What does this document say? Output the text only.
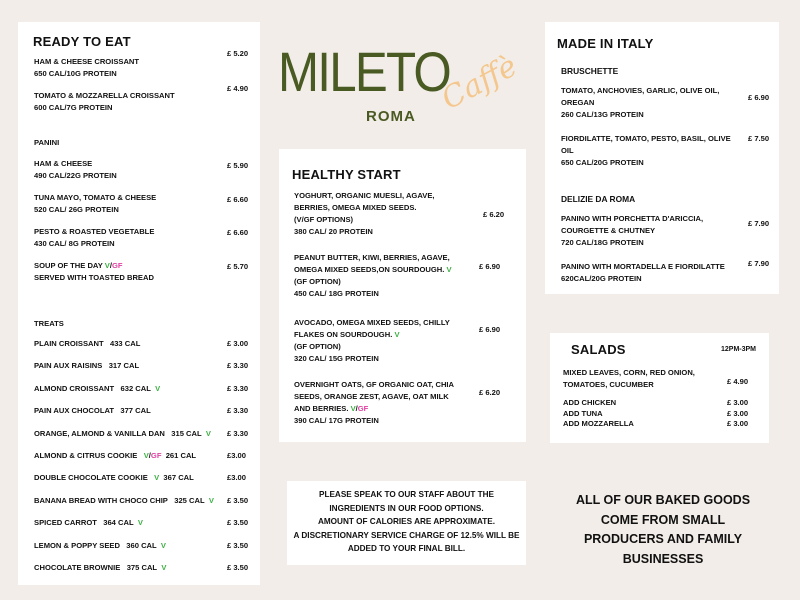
READY TO EAT
HAM & CHEESE CROISSANT
650 CAL/10G PROTEIN
£ 5.20
TOMATO & MOZZARELLA CROISSANT
600 CAL/7G PROTEIN
£ 4.90
PANINI
HAM & CHEESE
490 CAL/22G PROTEIN
£ 5.90
TUNA MAYO, TOMATO & CHEESE
520 CAL/ 26G PROTEIN
£ 6.60
PESTO & ROASTED VEGETABLE
430 CAL/ 8G PROTEIN
£ 6.60
SOUP OF THE DAY V/GF
SERVED WITH TOASTED BREAD
£ 5.70
TREATS
PLAIN CROISSANT 433 CAL	£ 3.00
PAIN AUX RAISINS 317 CAL	£ 3.30
ALMOND CROISSANT 632 CAL V	£ 3.30
PAIN AUX CHOCOLAT 377 CAL	£ 3.30
ORANGE, ALMOND & VANILLA DAN 315 CAL V £ 3.30
ALMOND & CITRUS COOKIE V/GF 261 CAL	£3.00
DOUBLE CHOCOLATE COOKIE V 367 CAL	£3.00
BANANA BREAD WITH CHOCO CHIP 325 CAL V £ 3.50
SPICED CARROT 364 CAL V	£ 3.50
LEMON & POPPY SEED 360 CAL V	£ 3.50
CHOCOLATE BROWNIE 375 CAL V	£ 3.50
MILETO
ROMA Caffè
HEALTHY START
YOGHURT, ORGANIC MUESLI, AGAVE,
BERRIES, OMEGA MIXED SEEDS.
(V/GF OPTIONS)
380 CAL/ 20 PROTEIN
£ 6.20
PEANUT BUTTER, KIWI, BERRIES, AGAVE,
OMEGA MIXED SEEDS,ON SOURDOUGH. V
(GF OPTION)
450 CAL/ 18G PROTEIN
£ 6.90
AVOCADO, OMEGA MIXED SEEDS, CHILLY
FLAKES ON SOURDOUGH. V
(GF OPTION)
320 CAL/ 15G PROTEIN
£ 6.90
OVERNIGHT OATS, GF ORGANIC OAT, CHIA
SEEDS, ORANGE ZEST, AGAVE, OAT MILK
AND BERRIES. V/GF
390 CAL/ 17G PROTEIN
£ 6.20
PLEASE SPEAK TO OUR STAFF ABOUT THE
INGREDIENTS IN OUR FOOD OPTIONS.
AMOUNT OF CALORIES ARE APPROXIMATE.
A DISCRETIONARY SERVICE CHARGE OF 12.5% WILL BE
ADDED TO YOUR FINAL BILL.
MADE IN ITALY
BRUSCHETTE
TOMATO, ANCHOVIES, GARLIC, OLIVE OIL,
OREGAN
260 CAL/13G PROTEIN
£ 6.90
FIORDILATTE, TOMATO, PESTO, BASIL, OLIVE
OIL
650 CAL/20G PROTEIN
£ 7.50
DELIZIE DA ROMA
PANINO WITH PORCHETTA D'ARICCIA,
COURGETTE & CHUTNEY
720 CAL/18G PROTEIN
£ 7.90
PANINO WITH MORTADELLA E FIORDILATTE
620CAL/20G PROTEIN
£ 7.90
SALADS	12PM-3PM
MIXED LEAVES, CORN, RED ONION,
TOMATOES, CUCUMBER	£ 4.90
ADD CHICKEN	£ 3.00
ADD TUNA	£ 3.00
ADD MOZZARELLA	£ 3.00
ALL OF OUR BAKED GOODS
COME FROM SMALL
PRODUCERS AND FAMILY
BUSINESSES
